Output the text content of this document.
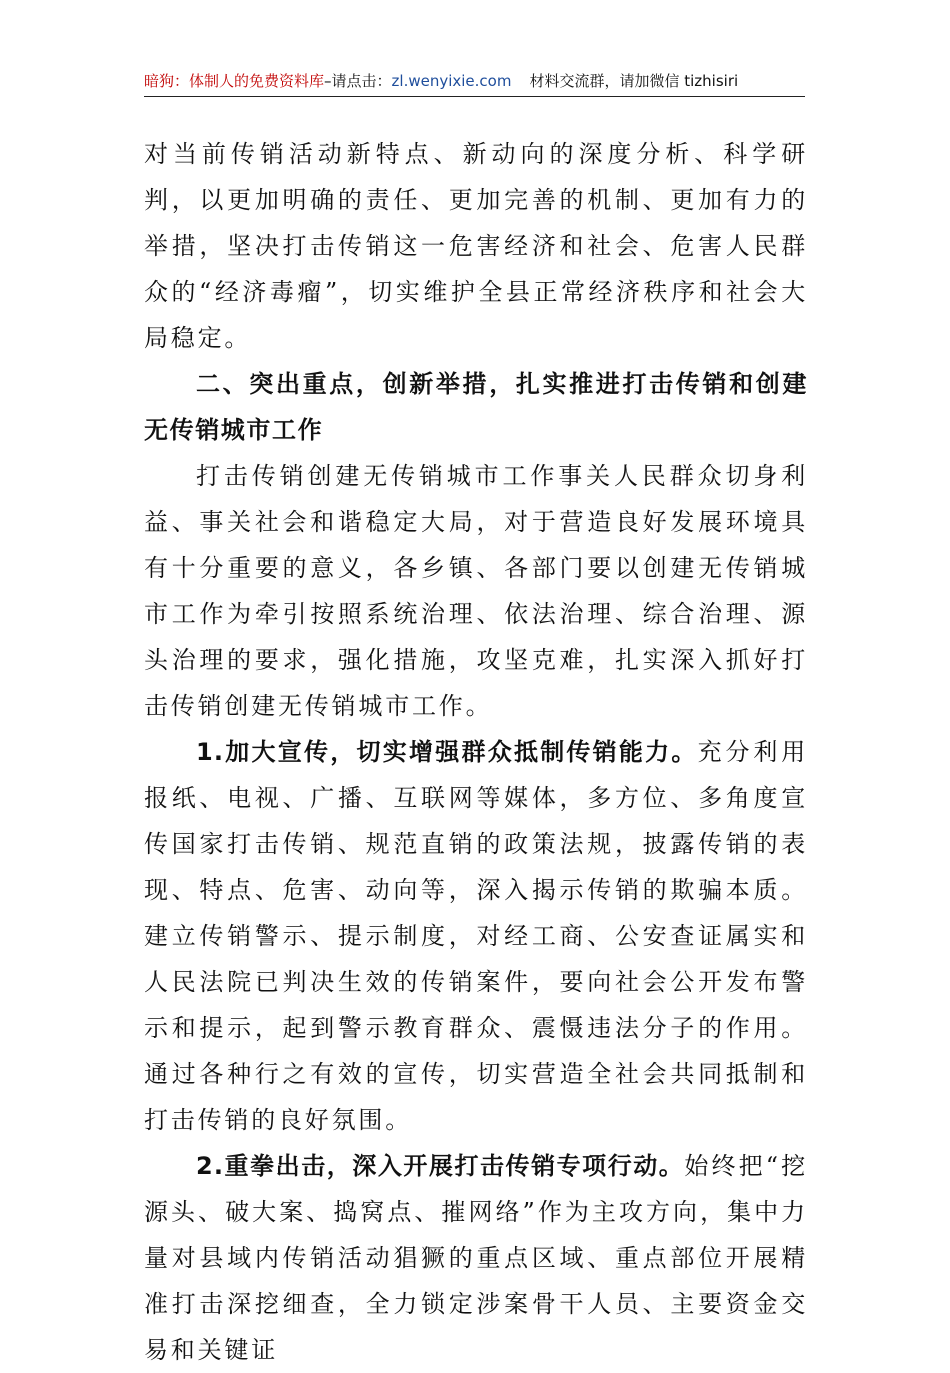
暗狗：体制人的免费资料库–请点击：zl.wenyixie.com 材料交流群，请加微信 tizhisiri

对当前传销活动新特点、新动向的深度分析、科学研判，以更加明确的责任、更加完善的机制、更加有力的举措，坚决打击传销这一危害经济和社会、危害人民群众的“经济毒瘤”，切实维护全县正常经济秩序和社会大局稳定。

二、突出重点，创新举措，扎实推进打击传销和创建无传销城市工作

打击传销创建无传销城市工作事关人民群众切身利益、事关社会和谐稳定大局，对于营造良好发展环境具有十分重要的意义，各乡镇、各部门要以创建无传销城市工作为牵引按照系统治理、依法治理、综合治理、源头治理的要求，强化措施，攻坚克难，扎实深入抓好打击传销创建无传销城市工作。

1.加大宣传，切实增强群众抵制传销能力。充分利用报纸、电视、广播、互联网等媒体，多方位、多角度宣传国家打击传销、规范直销的政策法规，披露传销的表现、特点、危害、动向等，深入揭示传销的欺骗本质。建立传销警示、提示制度，对经工商、公安查证属实和人民法院已判决生效的传销案件，要向社会公开发布警示和提示，起到警示教育群众、震慑违法分子的作用。通过各种行之有效的宣传，切实营造全社会共同抵制和打击传销的良好氛围。

2.重拳出击，深入开展打击传销专项行动。始终把“挖源头、破大案、捣窝点、摧网络”作为主攻方向，集中力量对县域内传销活动猖獗的重点区域、重点部位开展精准打击深挖细查，全力锁定涉案骨干人员、主要资金交易和关键证
